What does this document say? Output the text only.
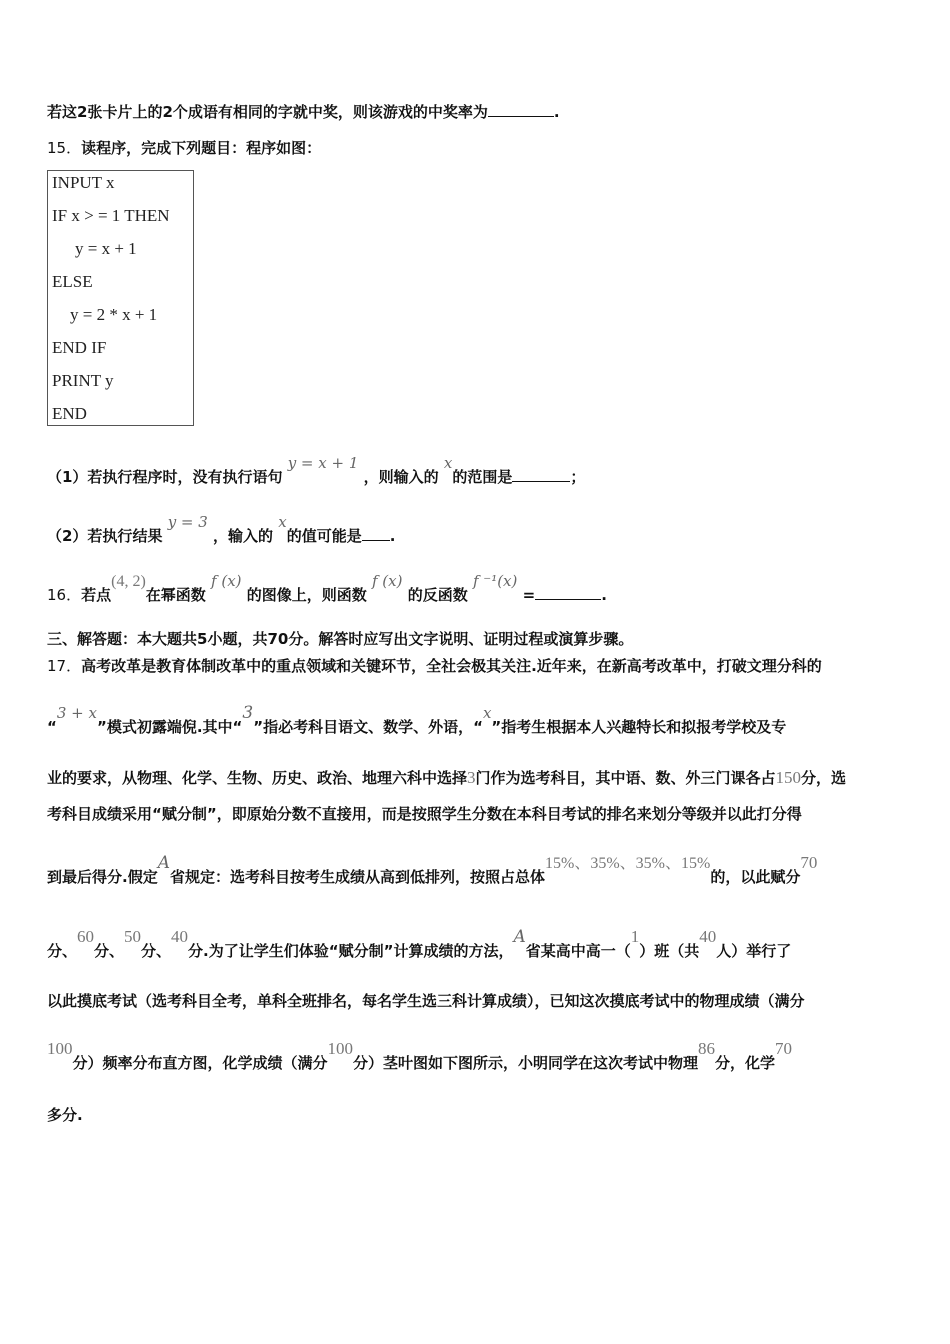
若这2张卡片上的2个成语有相同的字就中奖，则该游戏的中奖率为	.
15．读程序，完成下列题目：程序如图：
INPUT x
IF x > = 1 THEN
y = x + 1
ELSE
y = 2 * x + 1
END IF
PRINT y
END
（1）若执行程序时，没有执行语句 y = x + 1 ，则输入的 x的范围是	；
（2）若执行结果 y = 3 ，输入的 x的值可能是 .
16．若点(4, 2)在幂函数 f (x) 的图像上，则函数 f (x) 的反函数 f ⁻¹(x) =	.
三、解答题：本大题共5小题，共70分。解答时应写出文字说明、证明过程或演算步骤。
17．高考改革是教育体制改革中的重点领域和关键环节，全社会极其关注.近年来，在新高考改革中，打破文理分科的
“3 + x”模式初露端倪.其中“3”指必考科目语文、数学、外语，“x”指考生根据本人兴趣特长和拟报考学校及专
业的要求，从物理、化学、生物、历史、政治、地理六科中选择3门作为选考科目，其中语、数、外三门课各占150分，选
考科目成绩采用“赋分制”，即原始分数不直接用，而是按照学生分数在本科目考试的排名来划分等级并以此打分得
到最后得分.假定A省规定：选考科目按考生成绩从高到低排列，按照占总体15%、35%、35%、15%的，以此赋分70
分、60分、50分、40分.为了让学生们体验“赋分制”计算成绩的方法，A省某高中高一（1）班（共40人）举行了
以此摸底考试（选考科目全考，单科全班排名，每名学生选三科计算成绩），已知这次摸底考试中的物理成绩（满分
100分）频率分布直方图，化学成绩（满分100分）茎叶图如下图所示，小明同学在这次考试中物理86分，化学70
多分.
